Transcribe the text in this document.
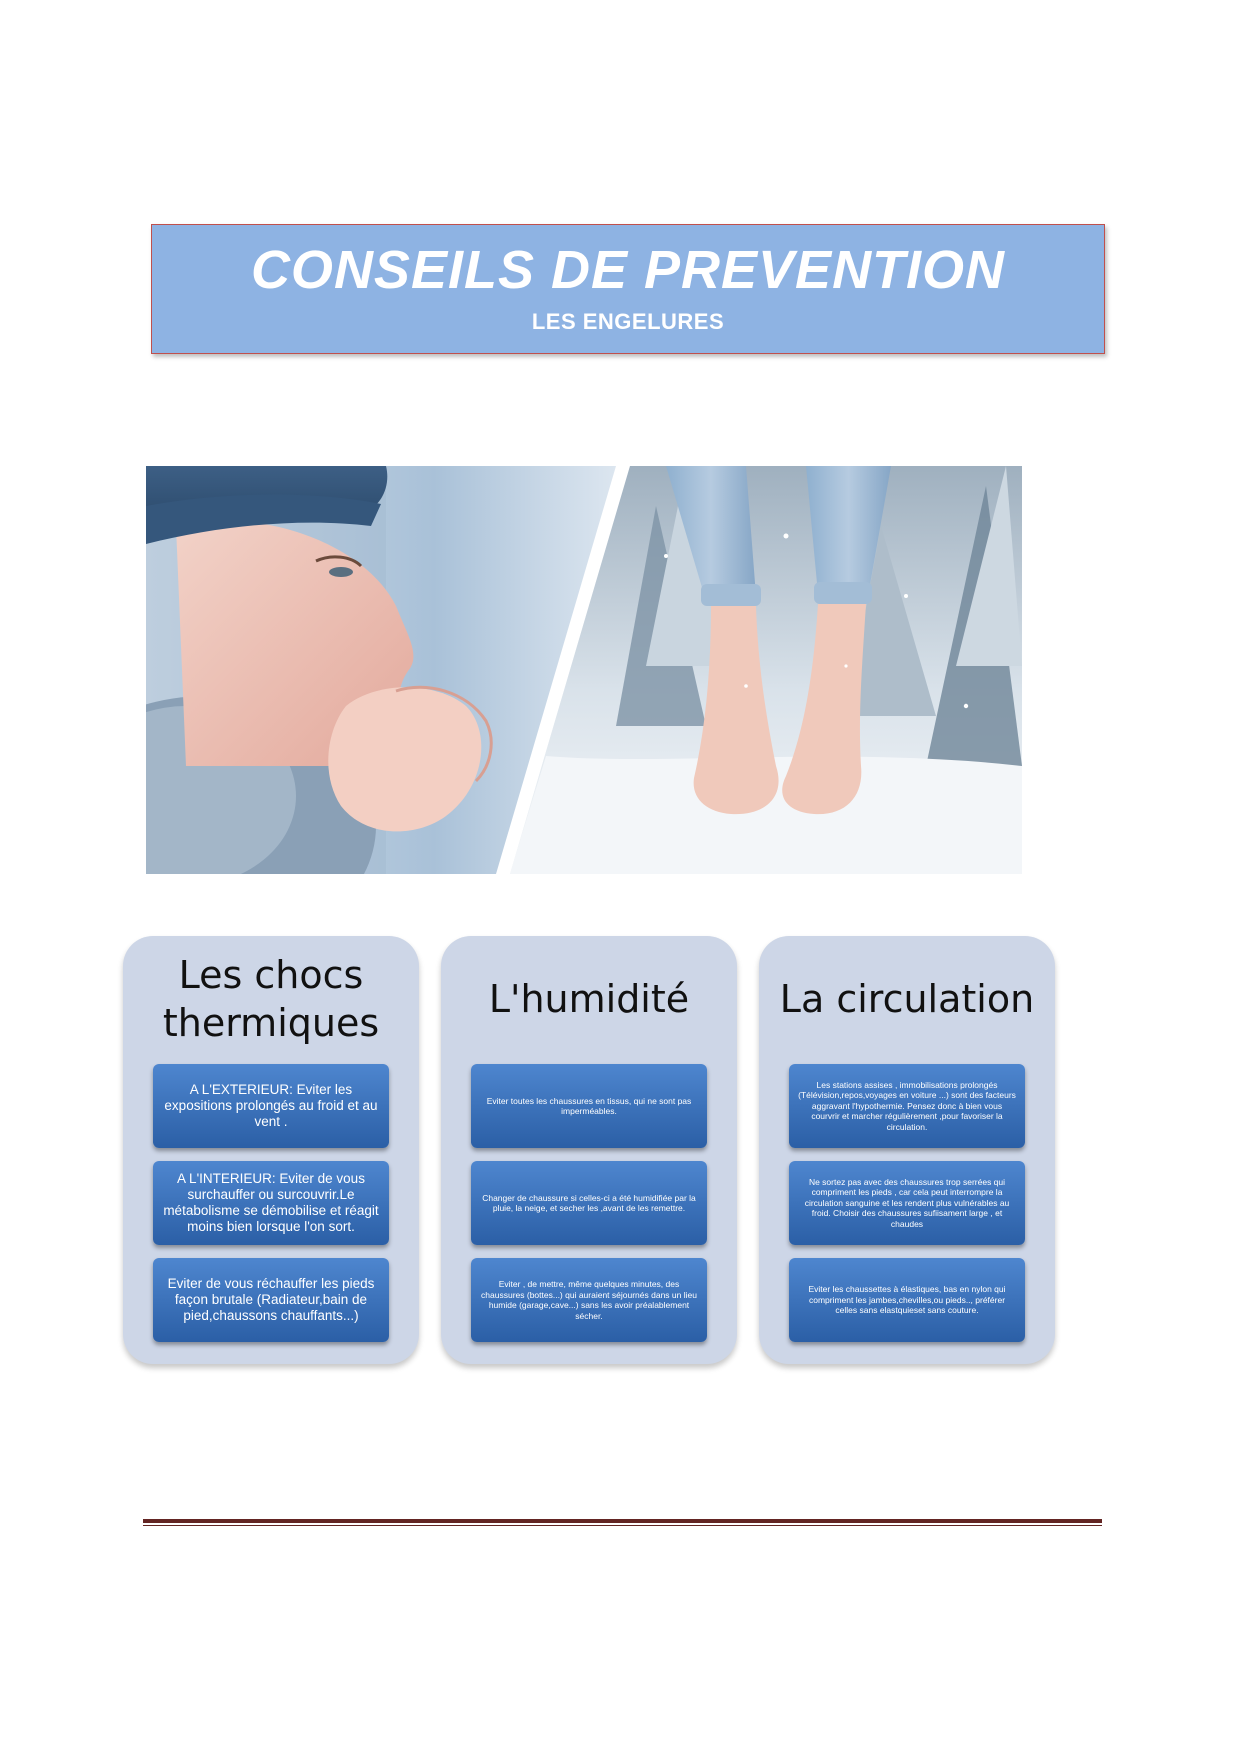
CONSEILS DE PREVENTION
LES ENGELURES
Les chocs thermiques
A L'EXTERIEUR: Eviter les expositions prolongés au froid et au vent .
A L'INTERIEUR: Eviter de vous surchauffer ou surcouvrir.Le métabolisme se démobilise et réagit moins bien lorsque l'on sort.
Eviter de vous réchauffer les pieds façon brutale (Radiateur,bain de pied,chaussons chauffants...)
L'humidité
Eviter toutes les chaussures en tissus, qui ne sont pas imperméables.
Changer de chaussure si celles-ci a été humidifiée par la pluie, la neige, et secher les ,avant de les remettre.
Eviter , de mettre, même quelques minutes, des chaussures (bottes...) qui auraient séjournés dans un lieu humide (garage,cave...) sans les avoir préalablement sécher.
La circulation
Les stations assises , immobilisations prolongés (Télévision,repos,voyages en voiture ...) sont des facteurs aggravant l'hypothermie. Pensez donc à bien vous courvrir et marcher régulièrement ,pour favoriser la circulation.
Ne sortez pas avec des chaussures trop serrées qui compriment les pieds , car cela peut interrompre la circulation sanguine et les rendent plus vulnérables au froid. Choisir des chaussures sufiisament large , et chaudes
Eviter les chaussettes à élastiques, bas en nylon qui compriment les jambes,chevilles,ou pieds.., préférer celles sans elastquieset sans couture.
